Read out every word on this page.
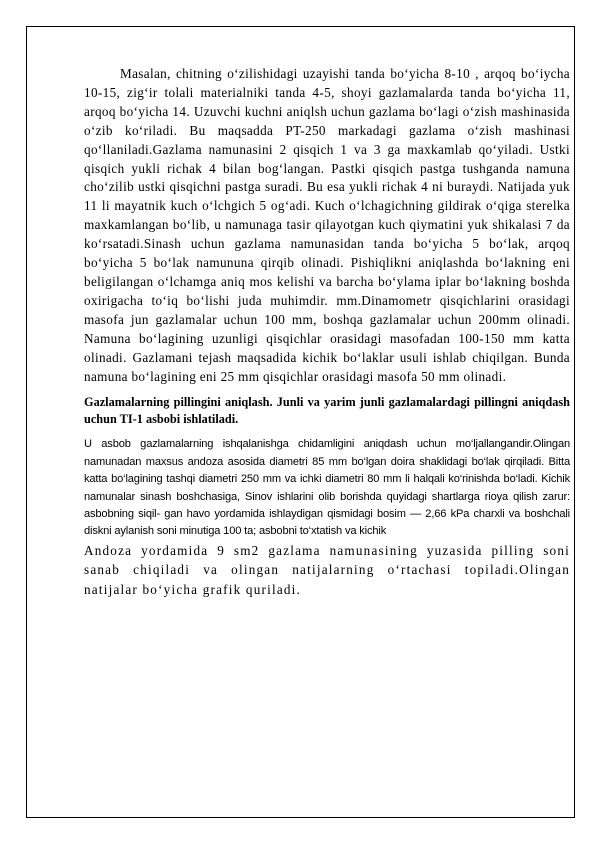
Masalan, chitning o‘zilishidagi uzayishi tanda bo‘yicha 8-10 , arqoq bo‘iycha 10-15, zig‘ir tolali materialniki tanda 4-5, shoyi gazlamalarda tanda bo‘yicha 11, arqoq bo‘yicha 14. Uzuvchi kuchni aniqlsh uchun gazlama bo‘lagi o‘zish mashinasida o‘zib ko‘riladi. Bu maqsadda PT-250 markadagi gazlama o‘zish mashinasi qo‘llaniladi.Gazlama namunasini 2 qisqich 1 va 3 ga maxkamlab qo‘yiladi. Ustki qisqich yukli richak 4 bilan bog‘langan. Pastki qisqich pastga tushganda namuna cho‘zilib ustki qisqichni pastga suradi. Bu esa yukli richak 4 ni buraydi. Natijada yuk 11 li mayatnik kuch o‘lchgich 5 og‘adi. Kuch o‘lchagichning gildirak o‘qiga sterelka maxkamlangan bo‘lib, u namunaga tasir qilayotgan kuch qiymatini yuk shikalasi 7 da ko‘rsatadi.Sinash uchun gazlama namunasidan tanda bo‘yicha 5 bo‘lak, arqoq bo‘yicha 5 bo‘lak namununa qirqib olinadi. Pishiqlikni aniqlashda bo‘lakning eni beligilangan o‘lchamga aniq mos kelishi va barcha bo‘ylama iplar bo‘lakning boshda oxirigacha to‘iq bo‘lishi juda muhimdir. mm.Dinamometr qisqichlarini orasidagi masofa jun gazlamalar uchun 100 mm, boshqa gazlamalar uchun 200mm olinadi. Namuna bo‘lagining uzunligi qisqichlar orasidagi masofadan 100-150 mm katta olinadi. Gazlamani tejash maqsadida kichik bo‘laklar usuli ishlab chiqilgan. Bunda namuna bo‘lagining eni 25 mm qisqichlar orasidagi masofa 50 mm olinadi.

Gazlamalarning pillingini aniqlash. Junli va yarim junli gazlamalardagi pillingni aniqdash uchun TI-1 asbobi ishlatiladi.

U asbob gazlamalarning ishqalanishga chidamligini aniqdash uchun mo‘ljallangandir.Olingan namunadan maxsus andoza asosida diametri 85 mm bo‘lgan doira shaklidagi bo‘lak qirqiladi. Bitta katta bo‘lagining tashqi diametri 250 mm va ichki diametri 80 mm li halqali ko‘rinishda bo‘ladi. Kichik namunalar sinash boshchasiga, Sinov ishlarini olib borishda quyidagi shartlarga rioya qilish zarur: asbobning siqil- gan havo yordamida ishlaydigan qismidagi bosim — 2,66 kPa charxli va boshchali diskni aylanish soni minutiga 100 ta; asbobni to‘xtatish va kichik

Andoza yordamida 9 sm2 gazlama namunasining yuzasida pilling soni sanab chiqiladi va olingan natijalarning o‘rtachasi topiladi.Olingan natijalar bo‘yicha grafik quriladi.
